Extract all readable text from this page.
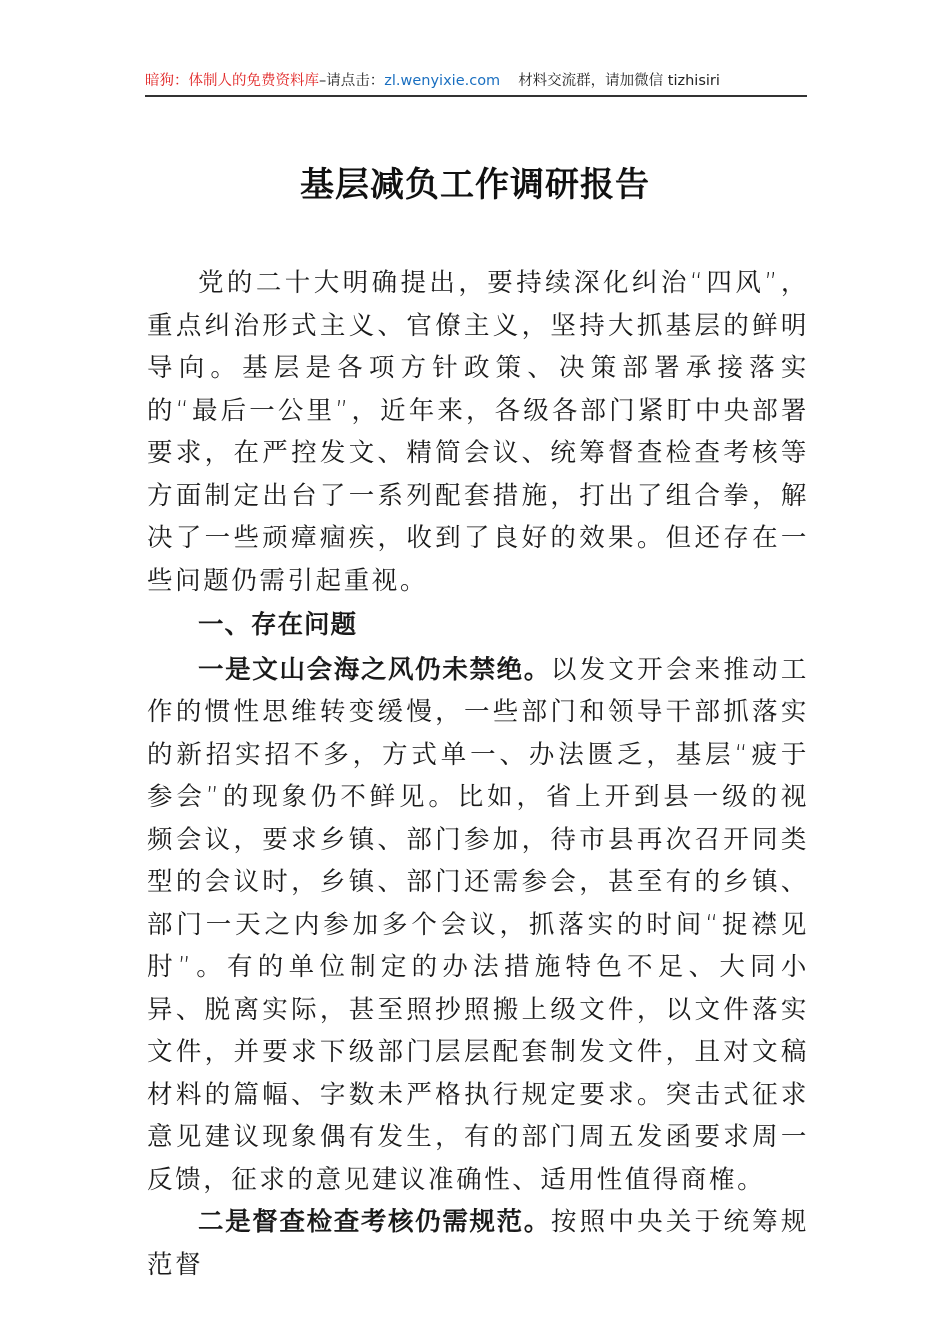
暗狗：体制人的免费资料库–请点击：zl.wenyixie.com 材料交流群，请加微信 tizhisiri
基层减负工作调研报告

党的二十大明确提出，要持续深化纠治“四风”，重点纠治形式主义、官僚主义，坚持大抓基层的鲜明导向。基层是各项方针政策、决策部署承接落实的“最后一公里”，近年来，各级各部门紧盯中央部署要求，在严控发文、精简会议、统筹督查检查考核等方面制定出台了一系列配套措施，打出了组合拳，解决了一些顽瘴痼疾，收到了良好的效果。但还存在一些问题仍需引起重视。

一、存在问题

一是文山会海之风仍未禁绝。以发文开会来推动工作的惯性思维转变缓慢，一些部门和领导干部抓落实的新招实招不多，方式单一、办法匮乏，基层“疲于参会”的现象仍不鲜见。比如，省上开到县一级的视频会议，要求乡镇、部门参加，待市县再次召开同类型的会议时，乡镇、部门还需参会，甚至有的乡镇、部门一天之内参加多个会议，抓落实的时间“捉襟见肘”。有的单位制定的办法措施特色不足、大同小异、脱离实际，甚至照抄照搬上级文件，以文件落实文件，并要求下级部门层层配套制发文件，且对文稿材料的篇幅、字数未严格执行规定要求。突击式征求意见建议现象偶有发生，有的部门周五发函要求周一反馈，征求的意见建议准确性、适用性值得商榷。

二是督查检查考核仍需规范。按照中央关于统筹规范督
